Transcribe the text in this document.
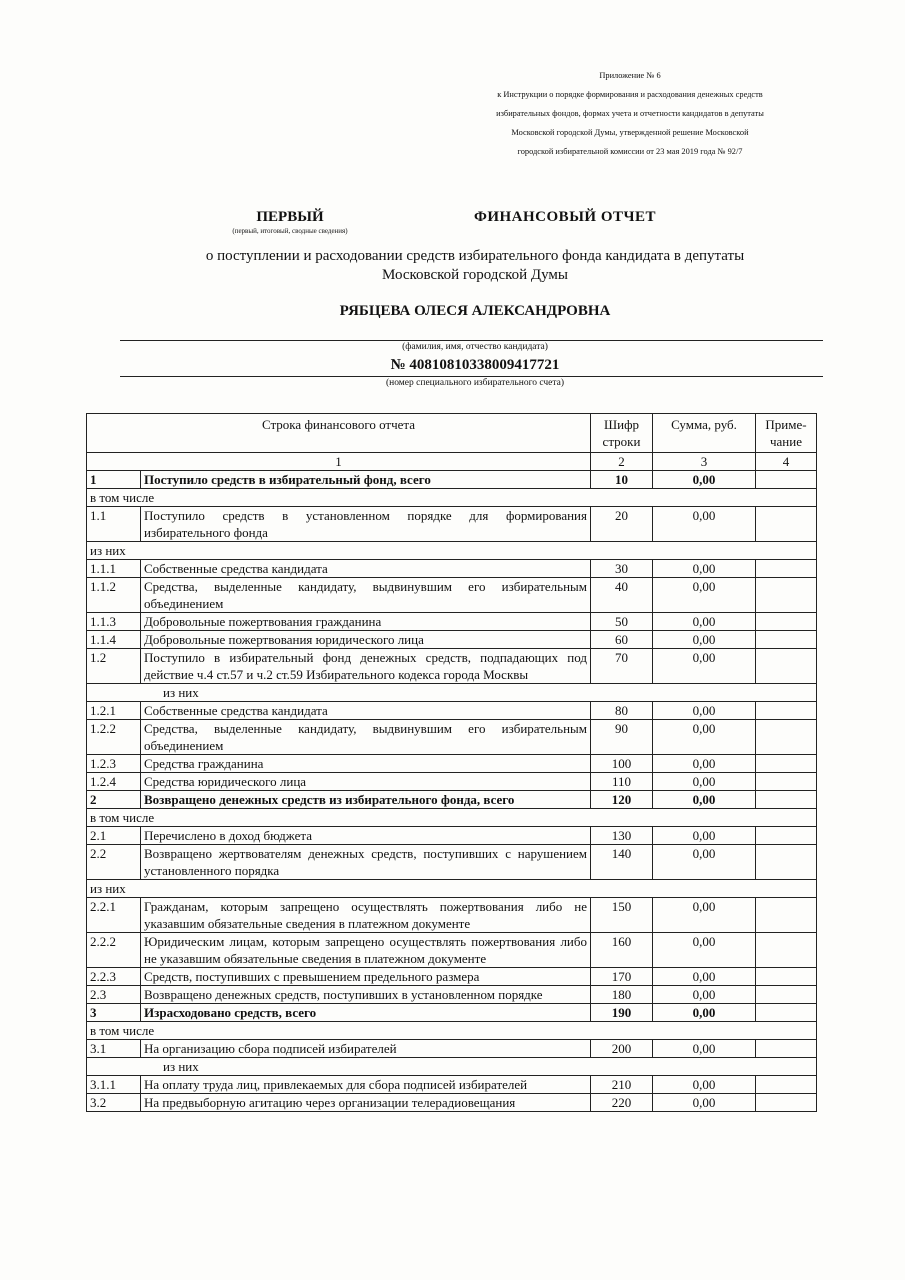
Приложение № 6
к Инструкции о порядке формирования и расходования денежных средств
избирательных фондов, формах учета и отчетности кандидатов в депутаты
Московской городской Думы, утвержденной решение Московской
городской избирательной комиссии от 23 мая 2019 года № 92/7
ПЕРВЫЙ
(первый, итоговый, сводные сведения)
ФИНАНСОВЫЙ ОТЧЕТ
о поступлении и расходовании средств избирательного фонда кандидата в депутаты
Московской городской Думы
РЯБЦЕВА ОЛЕСЯ АЛЕКСАНДРОВНА
(фамилия, имя, отчество кандидата)
№ 40810810338009417721
(номер специального избирательного счета)
Строка финансового отчета		Шифр строки	Сумма, руб.	Приме-чание
1		2	3	4
1	Поступило средств в избирательный фонд, всего	10	0,00	
в том числе				
1.1	Поступило средств в установленном порядке для формирования избирательного фонда	20	0,00	
из них				
1.1.1	Собственные средства кандидата	30	0,00	
1.1.2	Средства, выделенные кандидату, выдвинувшим его избирательным объединением	40	0,00	
1.1.3	Добровольные пожертвования гражданина	50	0,00	
1.1.4	Добровольные пожертвования юридического лица	60	0,00	
1.2	Поступило в избирательный фонд денежных средств, подпадающих под действие ч.4 ст.57 и ч.2 ст.59 Избирательного кодекса города Москвы	70	0,00	
из них				
1.2.1	Собственные средства кандидата	80	0,00	
1.2.2	Средства, выделенные кандидату, выдвинувшим его избирательным объединением	90	0,00	
1.2.3	Средства гражданина	100	0,00	
1.2.4	Средства юридического лица	110	0,00	
2	Возвращено денежных средств из избирательного фонда, всего	120	0,00	
в том числе				
2.1	Перечислено в доход бюджета	130	0,00	
2.2	Возвращено жертвователям денежных средств, поступивших с нарушением установленного порядка	140	0,00	
из них				
2.2.1	Гражданам, которым запрещено осуществлять пожертвования либо не указавшим обязательные сведения в платежном документе	150	0,00	
2.2.2	Юридическим лицам, которым запрещено осуществлять пожертвования либо не указавшим обязательные сведения в платежном документе	160	0,00	
2.2.3	Средств, поступивших с превышением предельного размера	170	0,00	
2.3	Возвращено денежных средств, поступивших в установленном порядке	180	0,00	
3	Израсходовано средств, всего	190	0,00	
в том числе				
3.1	На организацию сбора подписей избирателей	200	0,00	
из них				
3.1.1	На оплату труда лиц, привлекаемых для сбора подписей избирателей	210	0,00	
3.2	На предвыборную агитацию через организации телерадиовещания	220	0,00	
